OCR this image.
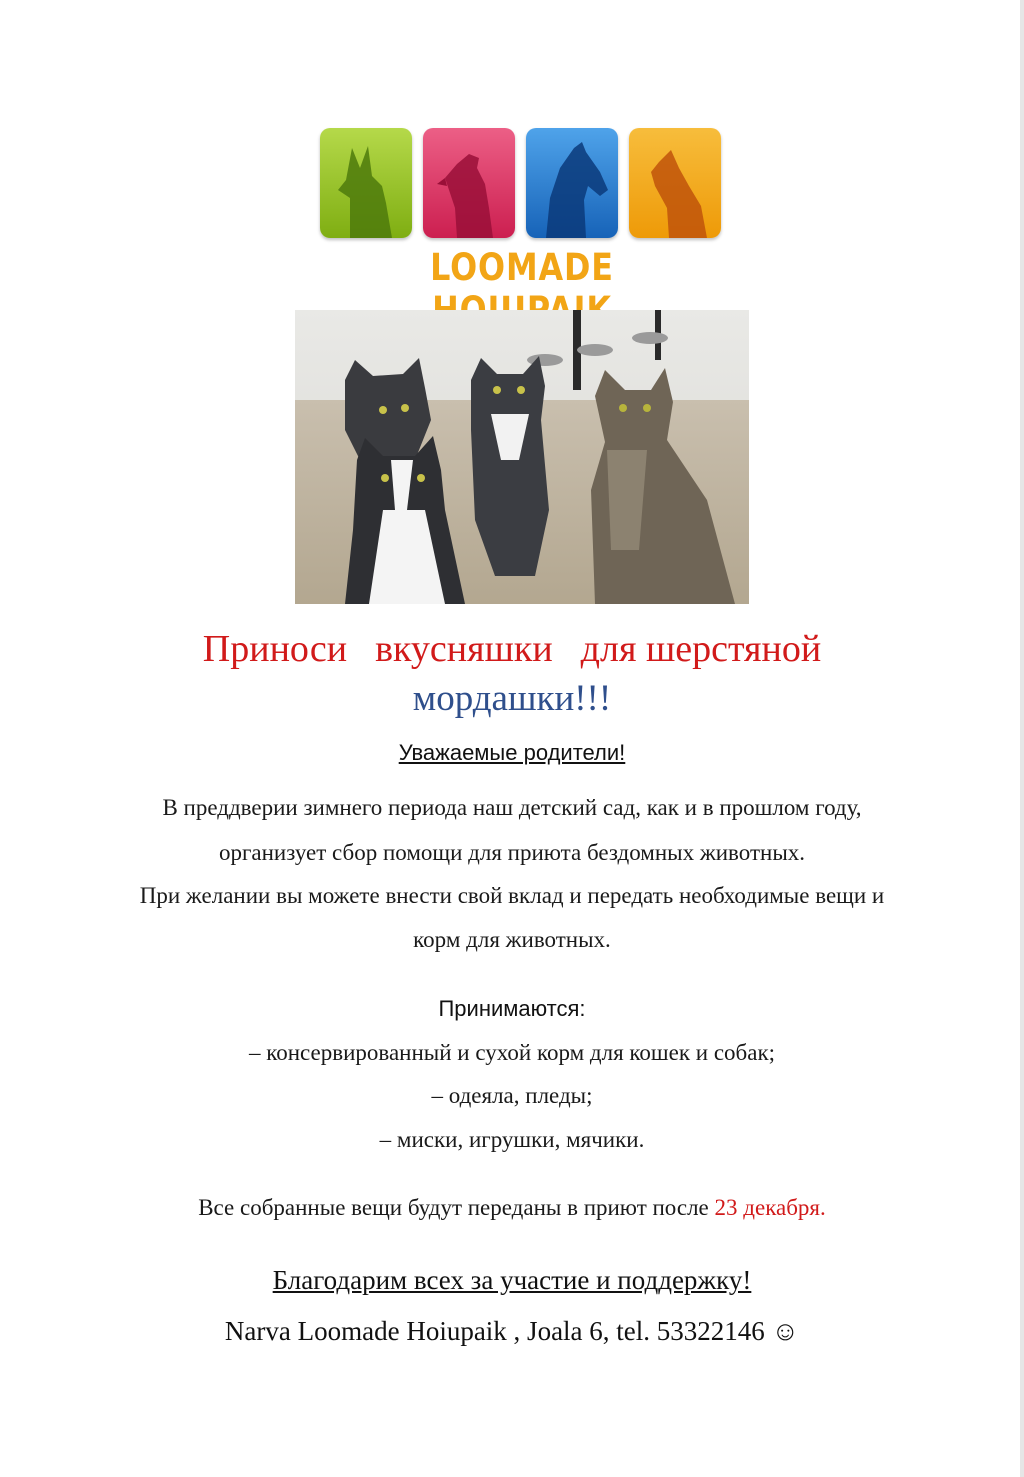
LOOMADE
Приноси вкусняшки для шерстяной
мордашки!!!
Уважаемые родители!
В преддверии зимнего периода наш детский сад, как и в прошлом году,
организует сбор помощи для приюта бездомных животных.
При желании вы можете внести свой вклад и передать необходимые вещи и
корм для животных.
Принимаются:
– консервированный и сухой корм для кошек и собак;
– одеяла, пледы;
– миски, игрушки, мячики.
Все собранные вещи будут переданы в приют после 23 декабря.
Благодарим всех за участие и поддержку!
Narva Loomade Hoiupaik , Joala 6, tel. 53322146 ☺
